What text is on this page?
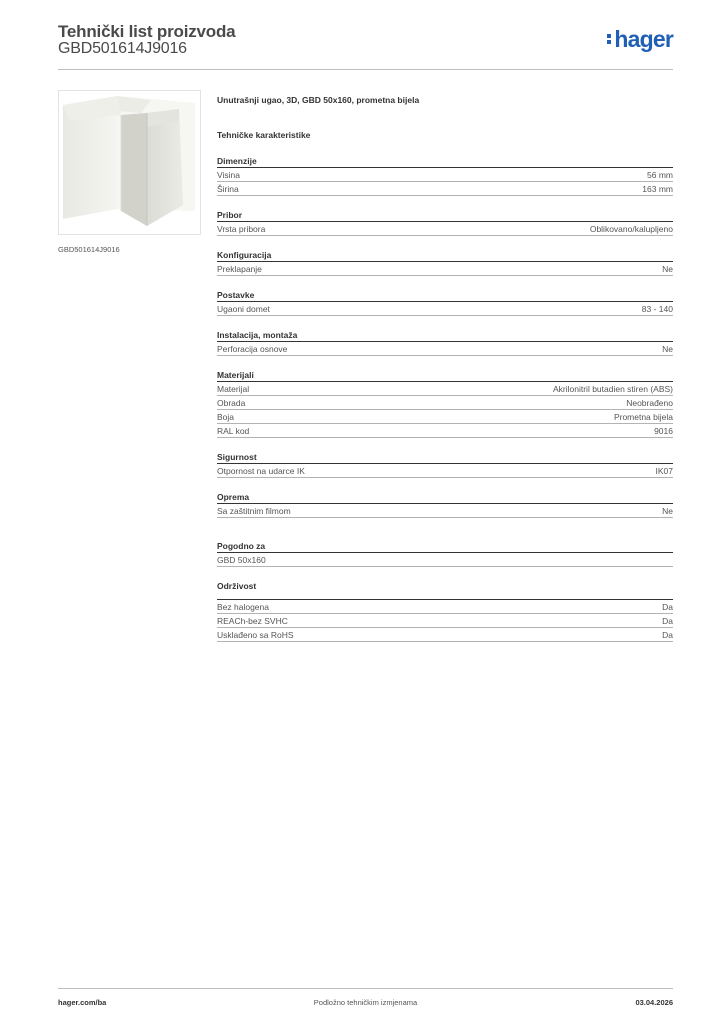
Tehnički list proizvoda
GBD501614J9016	hager
GBD501614J9016
Unutrašnji ugao, 3D, GBD 50x160, prometna bijela
Tehničke karakteristike
Dimenzije
Visina	56 mm
Širina	163 mm
Pribor
Vrsta pribora	Oblikovano/kalupljeno
Konfiguracija
Preklapanje	Ne
Postavke
Ugaoni domet	83 - 140
Instalacija, montaža
Perforacija osnove	Ne
Materijali
Materijal	Akrilonitril butadien stiren (ABS)
Obrada	Neobrađeno
Boja	Prometna bijela
RAL kod	9016
Sigurnost
Otpornost na udarce IK	IK07
Oprema
Sa zaštitnim filmom	Ne
Pogodno za
GBD 50x160
Održivost
Bez halogena	Da
REACh-bez SVHC	Da
Usklađeno sa RoHS	Da
hager.com/ba	Podložno tehničkim izmjenama	03.04.2026
